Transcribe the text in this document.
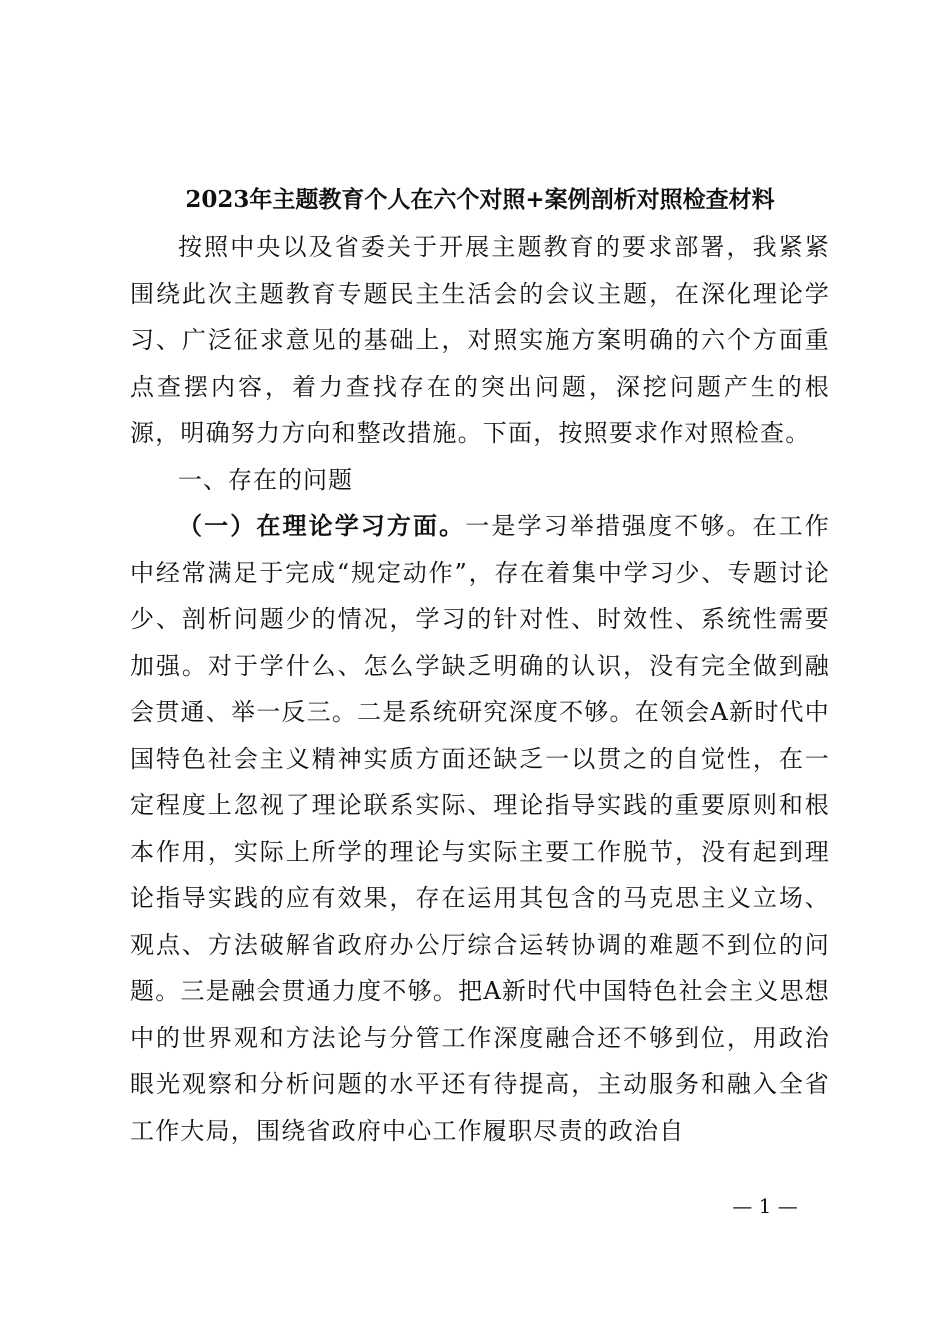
2023年主题教育个人在六个对照+案例剖析对照检查材料

按照中央以及省委关于开展主题教育的要求部署，我紧紧围绕此次主题教育专题民主生活会的会议主题，在深化理论学习、广泛征求意见的基础上，对照实施方案明确的六个方面重点查摆内容，着力查找存在的突出问题，深挖问题产生的根源，明确努力方向和整改措施。下面，按照要求作对照检查。

一、存在的问题

（一）在理论学习方面。一是学习举措强度不够。在工作中经常满足于完成“规定动作”，存在着集中学习少、专题讨论少、剖析问题少的情况，学习的针对性、时效性、系统性需要加强。对于学什么、怎么学缺乏明确的认识，没有完全做到融会贯通、举一反三。二是系统研究深度不够。在领会A新时代中国特色社会主义精神实质方面还缺乏一以贯之的自觉性，在一定程度上忽视了理论联系实际、理论指导实践的重要原则和根本作用，实际上所学的理论与实际主要工作脱节，没有起到理论指导实践的应有效果，存在运用其包含的马克思主义立场、观点、方法破解省政府办公厅综合运转协调的难题不到位的问题。三是融会贯通力度不够。把A新时代中国特色社会主义思想中的世界观和方法论与分管工作深度融合还不够到位，用政治眼光观察和分析问题的水平还有待提高，主动服务和融入全省工作大局，围绕省政府中心工作履职尽责的政治自

— 1 —
